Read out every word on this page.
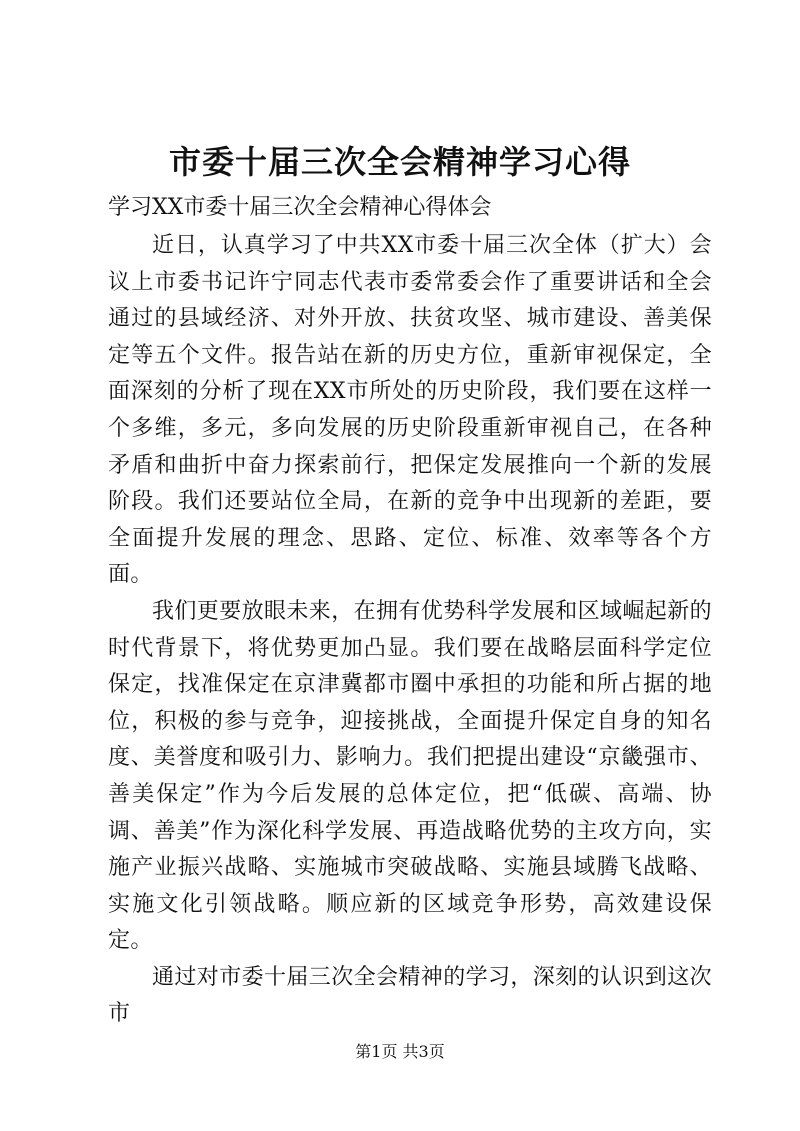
市委十届三次全会精神学习心得

学习XX市委十届三次全会精神心得体会

近日，认真学习了中共XX市委十届三次全体（扩大）会议上市委书记许宁同志代表市委常委会作了重要讲话和全会通过的县域经济、对外开放、扶贫攻坚、城市建设、善美保定等五个文件。报告站在新的历史方位，重新审视保定，全面深刻的分析了现在XX市所处的历史阶段，我们要在这样一个多维，多元，多向发展的历史阶段重新审视自己，在各种矛盾和曲折中奋力探索前行，把保定发展推向一个新的发展阶段。我们还要站位全局，在新的竞争中出现新的差距，要全面提升发展的理念、思路、定位、标准、效率等各个方面。

我们更要放眼未来，在拥有优势科学发展和区域崛起新的时代背景下，将优势更加凸显。我们要在战略层面科学定位保定，找准保定在京津冀都市圈中承担的功能和所占据的地位，积极的参与竞争，迎接挑战，全面提升保定自身的知名度、美誉度和吸引力、影响力。我们把提出建设“京畿强市、善美保定”作为今后发展的总体定位，把“低碳、高端、协调、善美”作为深化科学发展、再造战略优势的主攻方向，实施产业振兴战略、实施城市突破战略、实施县域腾飞战略、实施文化引领战略。顺应新的区域竞争形势，高效建设保定。

通过对市委十届三次全会精神的学习，深刻的认识到这次市

第1页 共3页
